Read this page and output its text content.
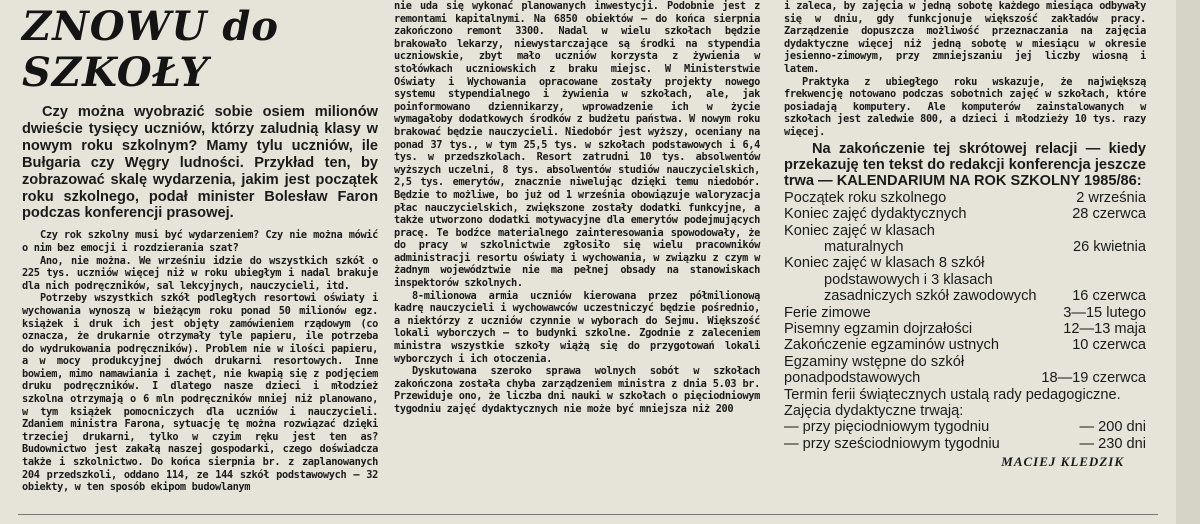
ZNOWU do SZKOŁY

Czy można wyobrazić sobie osiem milionów dwieście tysięcy uczniów, którzy zaludnią klasy w nowym roku szkolnym? Mamy tylu uczniów, ile Bułgaria czy Węgry ludności. Przykład ten, by zobrazować skalę wydarzenia, jakim jest początek roku szkolnego, podał minister Bolesław Faron podczas konferencji prasowej.

Czy rok szkolny musi być wydarzeniem? Czy nie można mówić o nim bez emocji i rozdzierania szat?

Ano, nie można. We wrześniu idzie do wszystkich szkół o 225 tys. uczniów więcej niż w roku ubiegłym i nadal brakuje dla nich podręczników, sal lekcyjnych, nauczycieli, itd.

Potrzeby wszystkich szkół podległych resortowi oświaty i wychowania wynoszą w bieżącym roku ponad 50 milionów egz. książek i druk ich jest objęty zamówieniem rządowym (co oznacza, że drukarnie otrzymały tyle papieru, ile potrzeba do wydrukowania podręczników). Problem nie w ilości papieru, a w mocy produkcyjnej dwóch drukarni resortowych. Inne bowiem, mimo namawiania i zachęt, nie kwapią się z podjęciem druku podręczników. I dlatego nasze dzieci i młodzież szkolna otrzymają o 6 mln podręczników mniej niż planowano, w tym książek pomocniczych dla uczniów i nauczycieli. Zdaniem ministra Farona, sytuację tę można rozwiązać dzięki trzeciej drukarni, tylko w czyim ręku jest ten as? Budownictwo jest zakałą naszej gospodarki, czego doświadcza także i szkolnictwo. Do końca sierpnia br. z zaplanowanych 204 przedszkoli, oddano 114, ze 144 szkół podstawowych — 32 obiekty, w ten sposób ekipom budowlanym

nie uda się wykonać planowanych inwestycji. Podobnie jest z remontami kapitalnymi. Na 6850 obiektów — do końca sierpnia zakończono remont 3300. Nadal w wielu szkołach będzie brakowało lekarzy, niewystarczające są środki na stypendia uczniowskie, zbyt mało uczniów korzysta z żywienia w stołówkach uczniowskich z braku miejsc. W Ministerstwie Oświaty i Wychowania opracowane zostały projekty nowego systemu stypendialnego i żywienia w szkołach, ale, jak poinformowano dziennikarzy, wprowadzenie ich w życie wymagałoby dodatkowych środków z budżetu państwa. W nowym roku brakować będzie nauczycieli. Niedobór jest wyższy, oceniany na ponad 37 tys., w tym 25,5 tys. w szkołach podstawowych i 6,4 tys. w przedszkolach. Resort zatrudni 10 tys. absolwentów wyższych uczelni, 8 tys. absolwentów studiów nauczycielskich, 2,5 tys. emerytów, znacznie niwelując dzięki temu niedobór. Będzie to możliwe, bo już od 1 września obowiązuje waloryzacja płac nauczycielskich, zwiększone zostały dodatki funkcyjne, a także utworzono dodatki motywacyjne dla emerytów podejmujących pracę. Te bodźce materialnego zainteresowania spowodowały, że do pracy w szkolnictwie zgłosiło się wielu pracowników administracji resortu oświaty i wychowania, w związku z czym w żadnym województwie nie ma pełnej obsady na stanowiskach inspektorów szkolnych.

8-milionowa armia uczniów kierowana przez półmilionową kadrę nauczycieli i wychowawców uczestniczyć będzie pośrednio, a niektórzy z uczniów czynnie w wyborach do Sejmu. Większość lokali wyborczych — to budynki szkolne. Zgodnie z zaleceniem ministra wszystkie szkoły wiążą się do przygotowań lokali wyborczych i ich otoczenia.

Dyskutowana szeroko sprawa wolnych sobót w szkołach zakończona została chyba zarządzeniem ministra z dnia 5.03 br. Przewiduje ono, że liczba dni nauki w szkołach o pięciodniowym tygodniu zajęć dydaktycznych nie może być mniejsza niż 200

i zaleca, by zajęcia w jedną sobotę każdego miesiąca odbywały się w dniu, gdy funkcjonuje większość zakładów pracy. Zarządzenie dopuszcza możliwość przeznaczania na zajęcia dydaktyczne więcej niż jedną sobotę w miesiącu w okresie jesienno-zimowym, przy zmniejszaniu jej liczby wiosną i latem.

Praktyka z ubiegłego roku wskazuje, że największą frekwencję notowano podczas sobotnich zajęć w szkołach, które posiadają komputery. Ale komputerów zainstalowanych w szkołach jest zaledwie 800, a dzieci i młodzieży 10 tys. razy więcej.

Na zakończenie tej skrótowej relacji — kiedy przekazuję ten tekst do redakcji konferencja jeszcze trwa — KALENDARIUM NA ROK SZKOLNY 1985/86:

Początek roku szkolnego	2 września
Koniec zajęć dydaktycznych	28 czerwca
Koniec zajęć w klasach
maturalnych	26 kwietnia
Koniec zajęć w klasach 8 szkół
podstawowych i 3 klasach zasadniczych szkół zawodowych	16 czerwca
Ferie zimowe	3—15 lutego
Pisemny egzamin dojrzałości	12—13 maja
Zakończenie egzaminów ustnych	10 czerwca
Egzaminy wstępne do szkół ponadpodstawowych	18—19 czerwca
Termin ferii świątecznych ustalą rady pedagogiczne.
Zajęcia dydaktyczne trwają:
— przy pięciodniowym tygodniu	— 200 dni
— przy sześciodniowym tygodniu	— 230 dni
MACIEJ KLEDZIK
